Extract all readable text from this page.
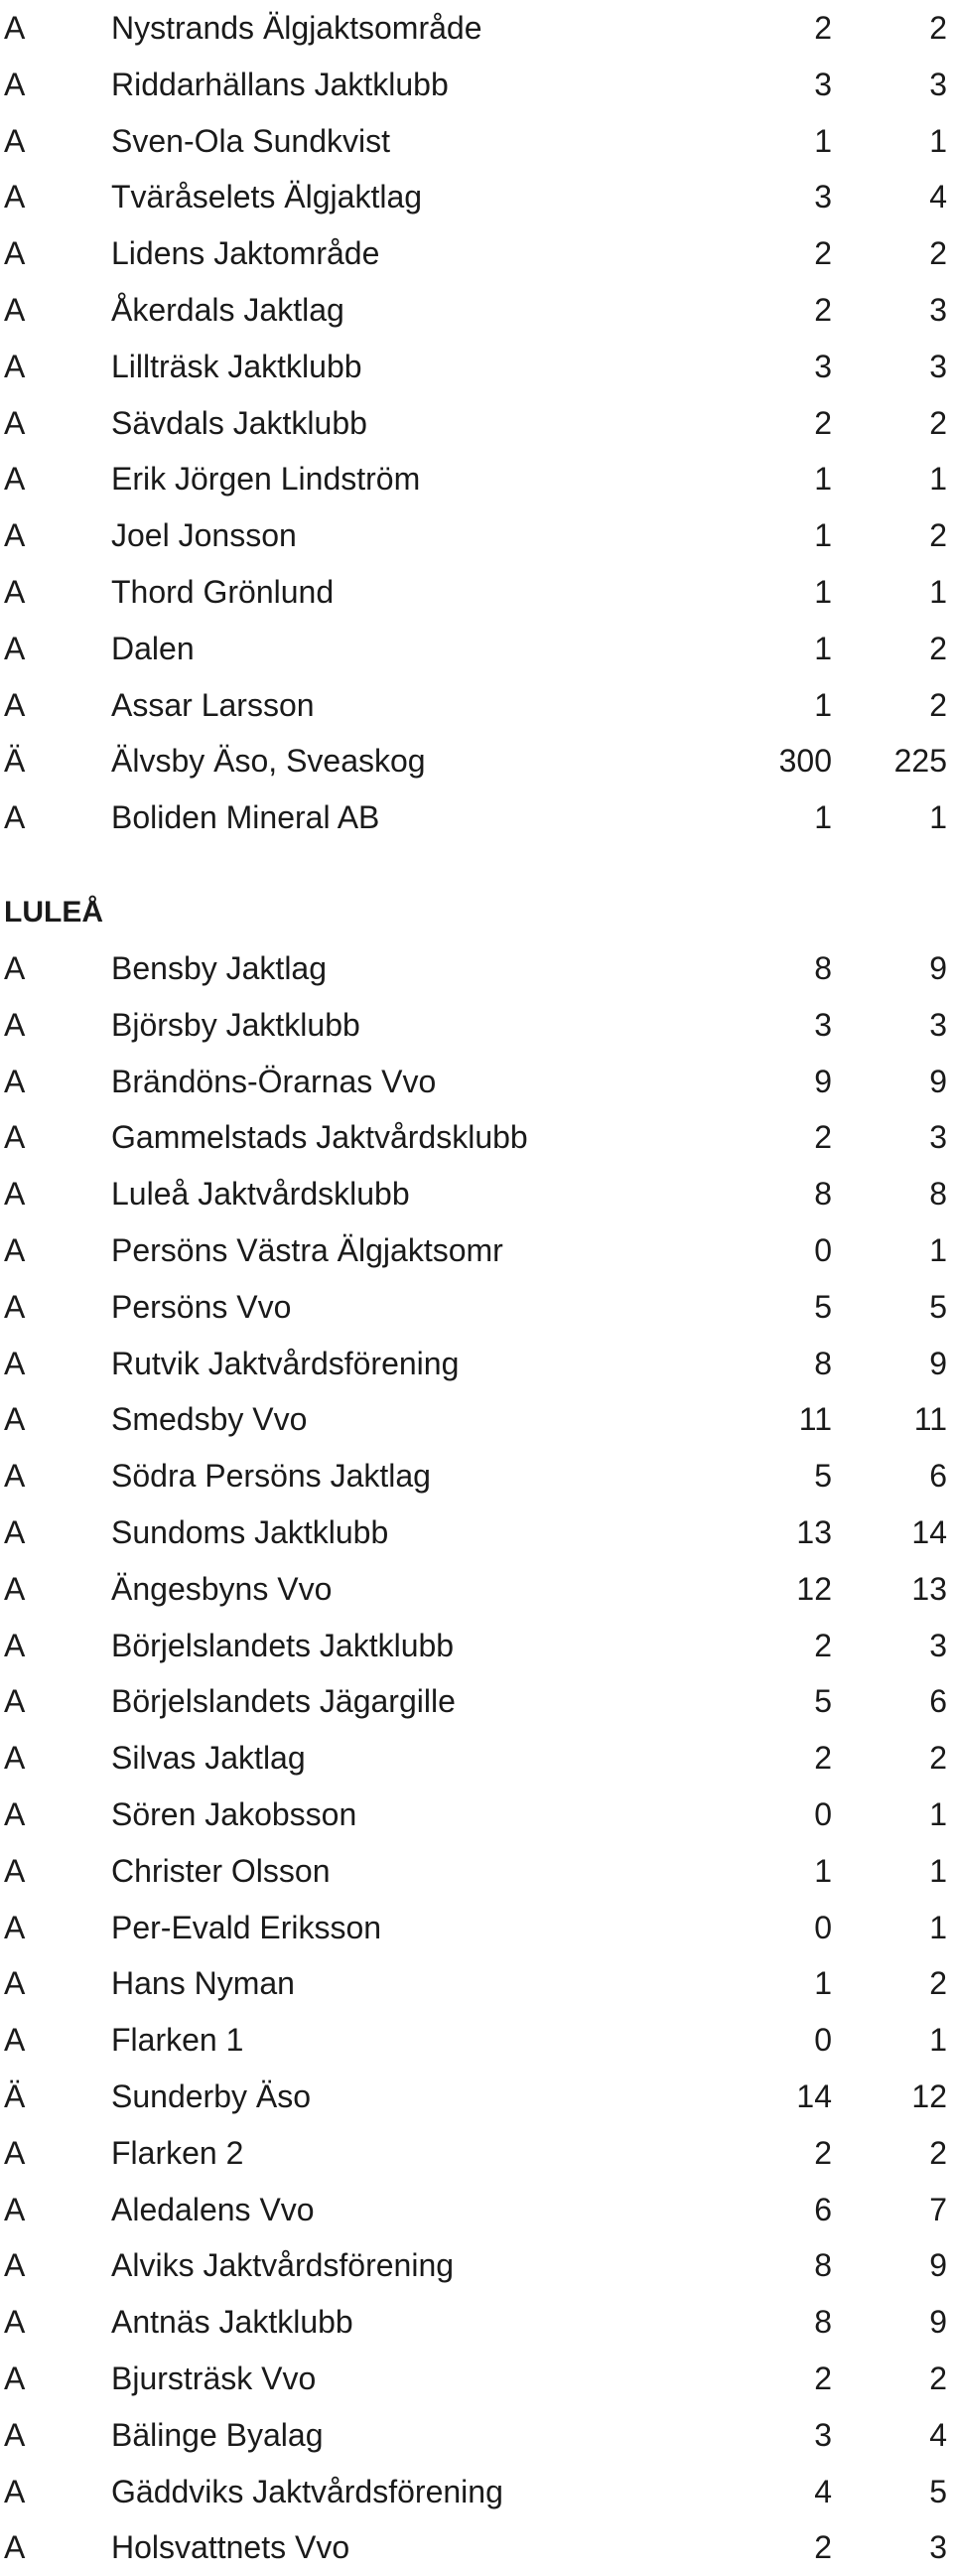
A	Nystrands Älgjaktsområde	2	2
A	Riddarhällans Jaktklubb	3	3
A	Sven-Ola Sundkvist	1	1
A	Tväråselets Älgjaktlag	3	4
A	Lidens Jaktområde	2	2
A	Åkerdals Jaktlag	2	3
A	Lillträsk Jaktklubb	3	3
A	Sävdals Jaktklubb	2	2
A	Erik Jörgen Lindström	1	1
A	Joel Jonsson	1	2
A	Thord Grönlund	1	1
A	Dalen	1	2
A	Assar Larsson	1	2
Ä	Älvsby Äso, Sveaskog	300	225
A	Boliden Mineral AB	1	1
LULEÅ
A	Bensby Jaktlag	8	9
A	Björsby Jaktklubb	3	3
A	Brändöns-Örarnas Vvo	9	9
A	Gammelstads Jaktvårdsklubb	2	3
A	Luleå Jaktvårdsklubb	8	8
A	Persöns Västra Älgjaktsomr	0	1
A	Persöns Vvo	5	5
A	Rutvik Jaktvårdsförening	8	9
A	Smedsby Vvo	11	11
A	Södra Persöns Jaktlag	5	6
A	Sundoms Jaktklubb	13	14
A	Ängesbyns Vvo	12	13
A	Börjelslandets Jaktklubb	2	3
A	Börjelslandets Jägargille	5	6
A	Silvas Jaktlag	2	2
A	Sören Jakobsson	0	1
A	Christer Olsson	1	1
A	Per-Evald Eriksson	0	1
A	Hans Nyman	1	2
A	Flarken 1	0	1
Ä	Sunderby Äso	14	12
A	Flarken 2	2	2
A	Aledalens Vvo	6	7
A	Alviks Jaktvårdsförening	8	9
A	Antnäs Jaktklubb	8	9
A	Bjursträsk Vvo	2	2
A	Bälinge Byalag	3	4
A	Gäddviks Jaktvårdsförening	4	5
A	Holsvattnets Vvo	2	3
